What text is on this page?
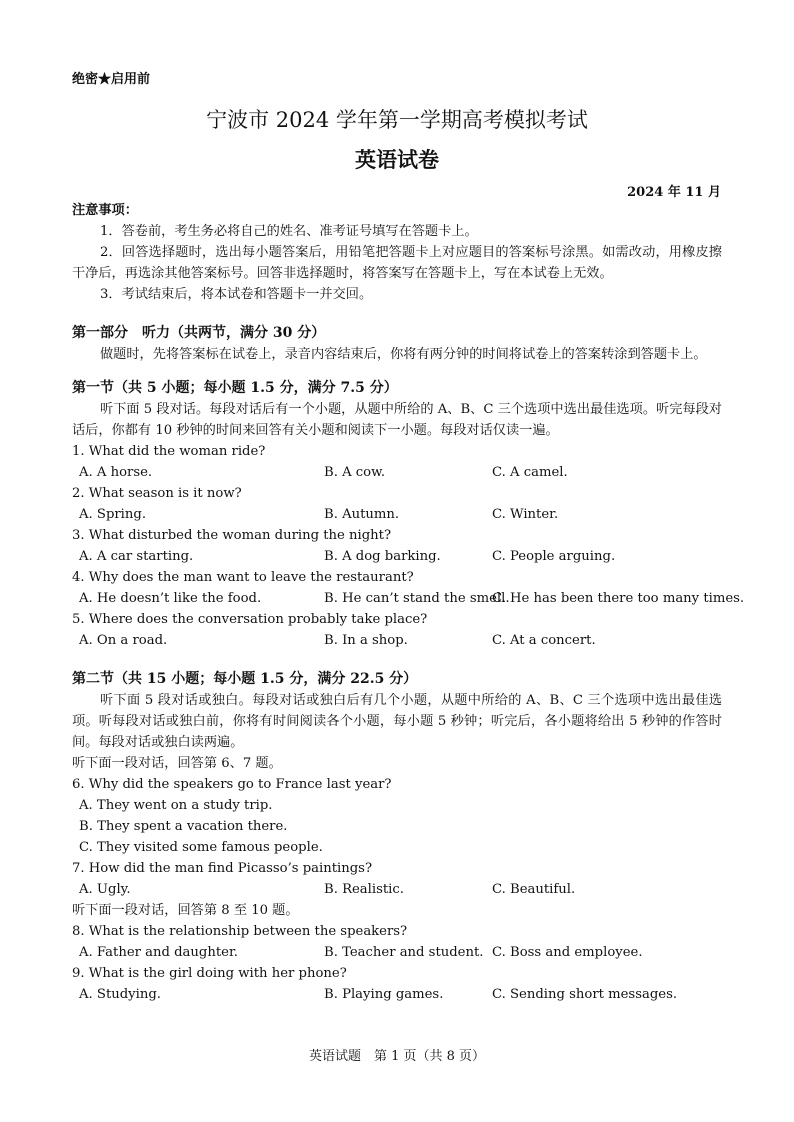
绝密★启用前
宁波市 2024 学年第一学期高考模拟考试
英语试卷
2024 年 11 月

注意事项：

1．答卷前，考生务必将自己的姓名、准考证号填写在答题卡上。

2．回答选择题时，选出每小题答案后，用铅笔把答题卡上对应题目的答案标号涂黑。如需改动，用橡皮擦干净后，再选涂其他答案标号。回答非选择题时，将答案写在答题卡上，写在本试卷上无效。

3．考试结束后，将本试卷和答题卡一并交回。

第一部分　听力（共两节，满分 30 分）

做题时，先将答案标在试卷上，录音内容结束后，你将有两分钟的时间将试卷上的答案转涂到答题卡上。

第一节（共 5 小题；每小题 1.5 分，满分 7.5 分）

听下面 5 段对话。每段对话后有一个小题，从题中所给的 A、B、C 三个选项中选出最佳选项。听完每段对话后，你都有 10 秒钟的时间来回答有关小题和阅读下一小题。每段对话仅读一遍。

1. What did the woman ride?

A. A horse.	B. A cow.	C. A camel.

2. What season is it now?

A. Spring.	B. Autumn.	C. Winter.

3. What disturbed the woman during the night?

A. A car starting.	B. A dog barking.	C. People arguing.

4. Why does the man want to leave the restaurant?

A. He doesn’t like the food.	B. He can’t stand the smell.
C. He has been there too many times.

5. Where does the conversation probably take place?

A. On a road.	B. In a shop.	C. At a concert.

第二节（共 15 小题；每小题 1.5 分，满分 22.5 分）

听下面 5 段对话或独白。每段对话或独白后有几个小题，从题中所给的 A、B、C 三个选项中选出最佳选项。听每段对话或独白前，你将有时间阅读各个小题，每小题 5 秒钟；听完后，各小题将给出 5 秒钟的作答时间。每段对话或独白读两遍。

听下面一段对话，回答第 6、7 题。

6. Why did the speakers go to France last year?

A. They went on a study trip.

B. They spent a vacation there.

C. They visited some famous people.

7. How did the man find Picasso’s paintings?

A. Ugly.	B. Realistic.	C. Beautiful.

听下面一段对话，回答第 8 至 10 题。

8. What is the relationship between the speakers?

A. Father and daughter.	B. Teacher and student. C. Boss and employee.

9. What is the girl doing with her phone?

A. Studying.	B. Playing games.	C. Sending short messages.
英语试题　第 1 页（共 8 页）
